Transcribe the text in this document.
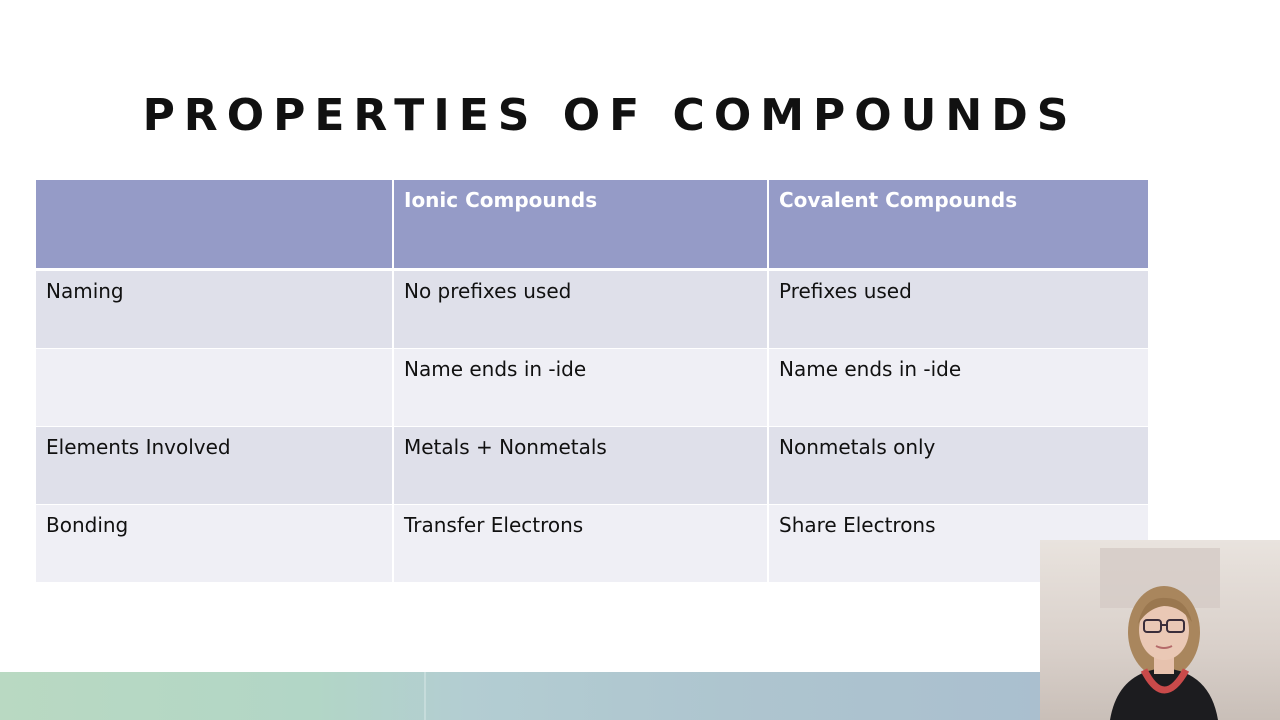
PROPERTIES OF COMPOUNDS
	Ionic Compounds	Covalent Compounds
Naming	No prefixes used	Prefixes used
	Name ends in -ide	Name ends in -ide
Elements Involved	Metals + Nonmetals	Nonmetals only
Bonding	Transfer Electrons	Share Electrons
